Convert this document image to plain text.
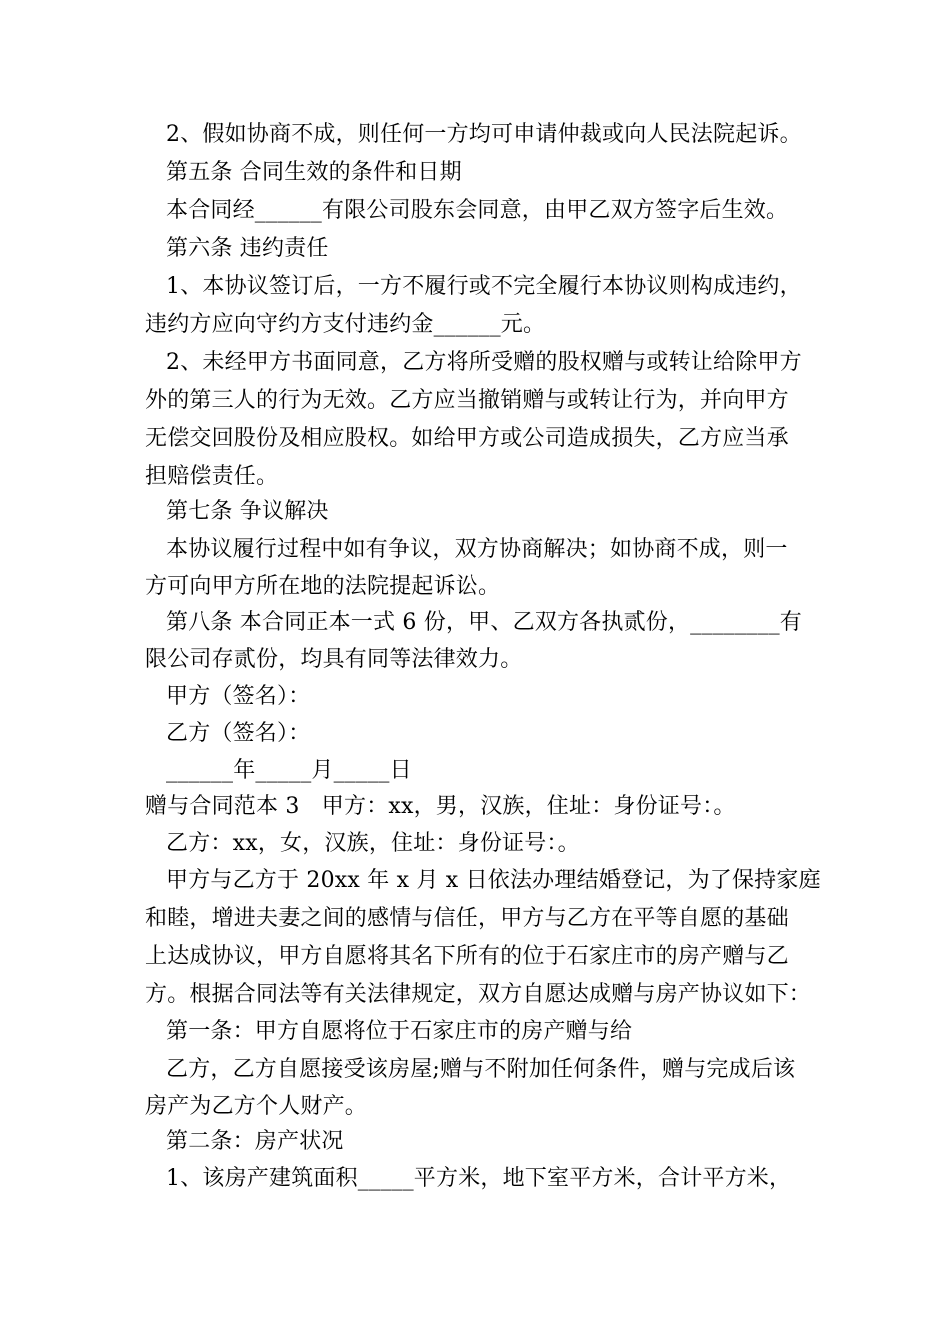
2、假如协商不成，则任何一方均可申请仲裁或向人民法院起诉。
第五条 合同生效的条件和日期
本合同经______有限公司股东会同意，由甲乙双方签字后生效。
第六条 违约责任
1、本协议签订后，一方不履行或不完全履行本协议则构成违约，
违约方应向守约方支付违约金______元。
2、未经甲方书面同意，乙方将所受赠的股权赠与或转让给除甲方
外的第三人的行为无效。乙方应当撤销赠与或转让行为，并向甲方
无偿交回股份及相应股权。如给甲方或公司造成损失，乙方应当承
担赔偿责任。
第七条 争议解决
本协议履行过程中如有争议，双方协商解决；如协商不成，则一
方可向甲方所在地的法院提起诉讼。
第八条 本合同正本一式 6 份，甲、乙双方各执贰份，________有
限公司存贰份，均具有同等法律效力。
甲方（签名）：
乙方（签名）：
______年_____月_____日
赠与合同范本 3　甲方：xx，男，汉族，住址：身份证号：。
乙方：xx，女，汉族，住址：身份证号：。
甲方与乙方于 20xx 年 x 月 x 日依法办理结婚登记，为了保持家庭
和睦，增进夫妻之间的感情与信任，甲方与乙方在平等自愿的基础
上达成协议，甲方自愿将其名下所有的位于石家庄市的房产赠与乙
方。根据合同法等有关法律规定，双方自愿达成赠与房产协议如下：
第一条：甲方自愿将位于石家庄市的房产赠与给
乙方，乙方自愿接受该房屋;赠与不附加任何条件，赠与完成后该
房产为乙方个人财产。
第二条：房产状况
1、该房产建筑面积_____平方米，地下室平方米，合计平方米，
